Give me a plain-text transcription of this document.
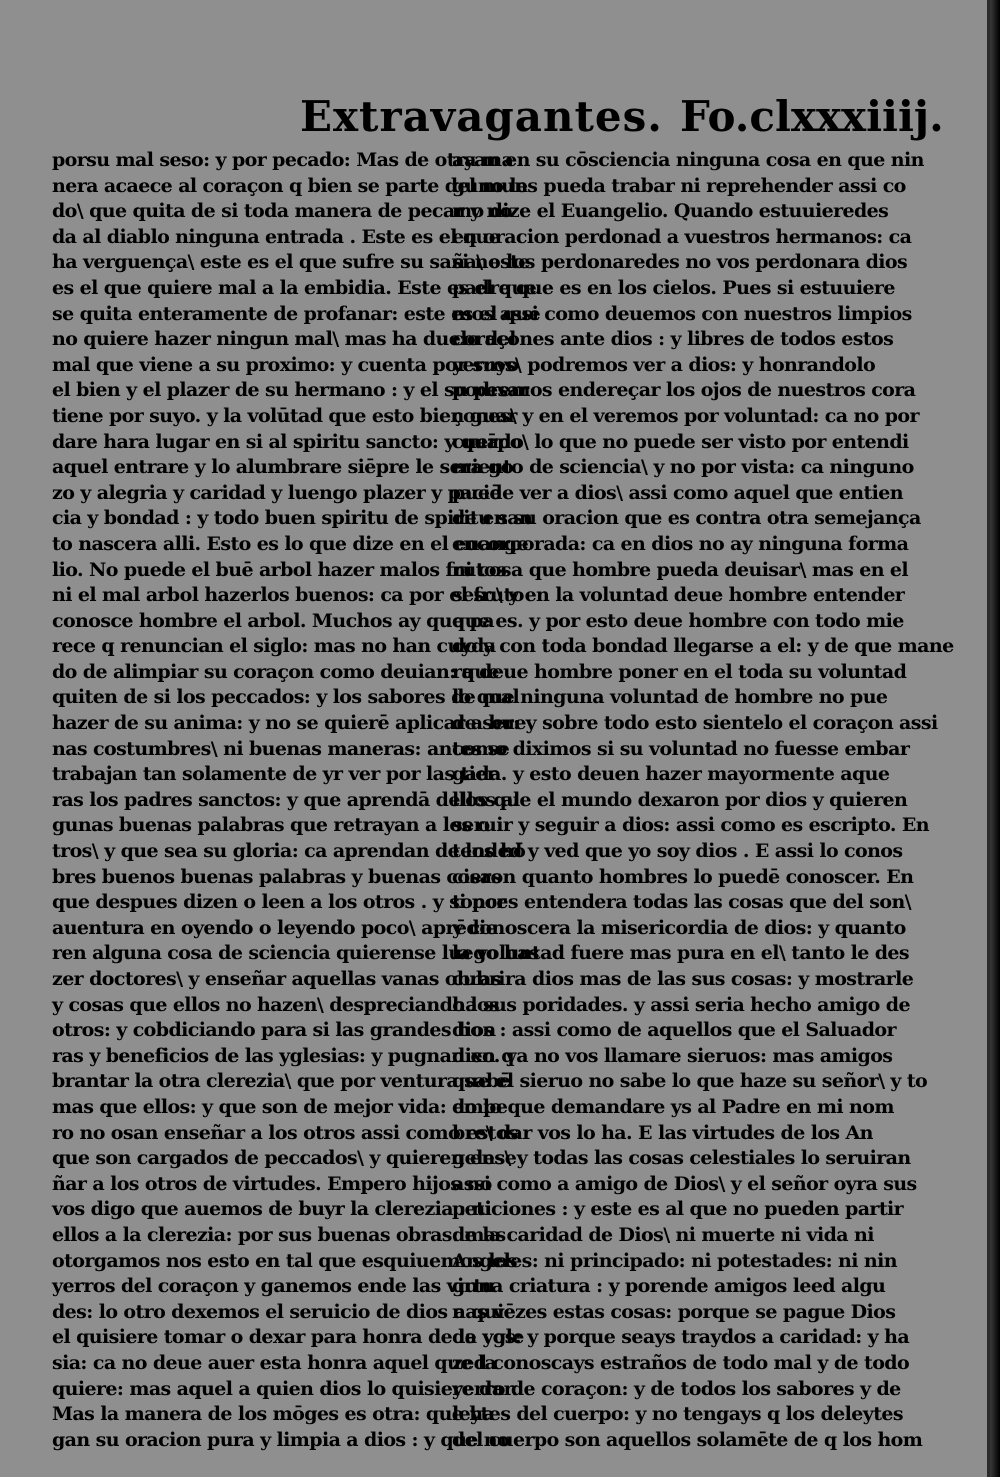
Extravagantes. Fo.clxxxiiij.
porsu mal seso: y por pecado: Mas de otra ma
nera acaece al coraçon q bien se parte del mun
do\ que quita de si toda manera de pecar y no
da al diablo ninguna entrada . Este es el que
ha verguença\ este es el que sufre su saña\ este
es el que quiere mal a la embidia. Este es el que
se quita enteramente de profanar: este es el que
no quiere hazer ningun mal\ mas ha duelo del
mal que viene a su proximo: y cuenta por suyo
el bien y el plazer de su hermano : y el su pesar
tiene por suyo. y la volūtad que esto bien guar
dare hara lugar en si al spiritu sancto: y quādo
aquel entrare y lo alumbrare siēpre le sera go
zo y alegria y caridad y luengo plazer y paciē
cia y bondad : y todo buen spiritu de spiritu san
to nascera alli. Esto es lo que dize en el euange
lio. No puede el buē arbol hazer malos frutos
ni el mal arbol hazerlos buenos: ca por el fruto
conosce hombre el arbol. Muchos ay que pa
rece q renuncian el siglo: mas no han cuyda
do de alimpiar su coraçon como deuian: que
quiten de si los peccados: y los sabores de mal
hazer de su anima: y no se quierē aplicar a bue
nas costumbres\ ni buenas maneras: antes se
trabajan tan solamente de yr ver por las tier
ras los padres sanctos: y que aprendā dellos al
gunas buenas palabras que retrayan a los o
tros\ y que sea su gloria: ca aprendan de los hō
bres buenos buenas palabras y buenas cosas
que despues dizen o leen a los otros . y si por
auentura en oyendo o leyendo poco\ aprēdie
ren alguna cosa de sciencia quierense luego has
zer doctores\ y enseñar aquellas vanas obras
y cosas que ellos no hazen\ despreciando los
otros: y cobdiciando para si las grandes hon
ras y beneficios de las yglesias: y pugnan en q
brantar la otra clerezia\ que por ventura sabē
mas que ellos: y que son de mejor vida: empe
ro no osan enseñar a los otros assi como estos
que son cargados de peccados\ y quieren ense
ñar a los otros de virtudes. Empero hijos no
vos digo que auemos de buyr la clerezia : ni
ellos a la clerezia: por sus buenas obras: mas
otorgamos nos esto en tal que esquiuemos los
yerros del coraçon y ganemos ende las virtu
des: lo otro dexemos el seruicio de dios a quiē
el quisiere tomar o dexar para honra de la ygle
sia: ca no deue auer esta honra aquel que la
quiere: mas aquel a quien dios lo quisiere dar.
Mas la manera de los mōges es otra: que ha
gan su oracion pura y limpia a dios : y que no
ayan en su cōsciencia ninguna cosa en que nin
guno les pueda trabar ni reprehender assi co
mo dize el Euangelio. Quando estuuieredes
en oracion perdonad a vuestros hermanos: ca
si no los perdonaredes no vos perdonara dios
padre que es en los cielos. Pues si estuuiere
mos assi como deuemos con nuestros limpios
coraçones ante dios : y libres de todos estos
yerros\ podremos ver a dios: y honrandolo
podremos endereçar los ojos de nuestros cora
çones\ y en el veremos por voluntad: ca no por
cuerpo\ lo que no puede ser visto por entendi
miento de sciencia\ y no por vista: ca ninguno
puede ver a dios\ assi como aquel que entien
de en su oracion que es contra otra semejança
encorporada: ca en dios no ay ninguna forma
ni cosa que hombre pueda deuisar\ mas en el
seso\ y en la voluntad deue hombre entender
que es. y por esto deue hombre con todo mie
do y con toda bondad llegarse a el: y de que mane
ra deue hombre poner en el toda su voluntad
lo que ninguna voluntad de hombre no pue
de ser: y sobre todo esto sientelo el coraçon assi
como diximos si su voluntad no fuesse embar
gada. y esto deuen hazer mayormente aque
llos que el mundo dexaron por dios y quieren
seruir y seguir a dios: assi como es escripto. En
tended y ved que yo soy dios . E assi lo conos
cieron quanto hombres lo puedē conoscer. En
tonces entendera todas las cosas que del son\
y conoscera la misericordia de dios: y quanto
la voluntad fuere mas pura en el\ tanto le des
cubrira dios mas de las sus cosas: y mostrarle
ha sus poridades. y assi seria hecho amigo de
dios : assi como de aquellos que el Saluador
dixo. ya no vos llamare sieruos: mas amigos
que el sieruo no sabe lo que haze su señor\ y to
do lo que demandare ys al Padre en mi nom
bre\ dar vos lo ha. E las virtudes de los An
geles\ y todas las cosas celestiales lo seruiran
assi como a amigo de Dios\ y el señor oyra sus
peticiones : y este es al que no pueden partir
de la caridad de Dios\ ni muerte ni vida ni
Angeles: ni principado: ni potestades: ni nin
guna criatura : y porende amigos leed algu
nas vezes estas cosas: porque se pague Dios
de vos: y porque seays traydos a caridad: y ha
zed conoscays estraños de todo mal y de todo
yerro de coraçon: y de todos los sabores y de
leytes del cuerpo: y no tengays q los deleytes
del cuerpo son aquellos solamēte de q los hom
